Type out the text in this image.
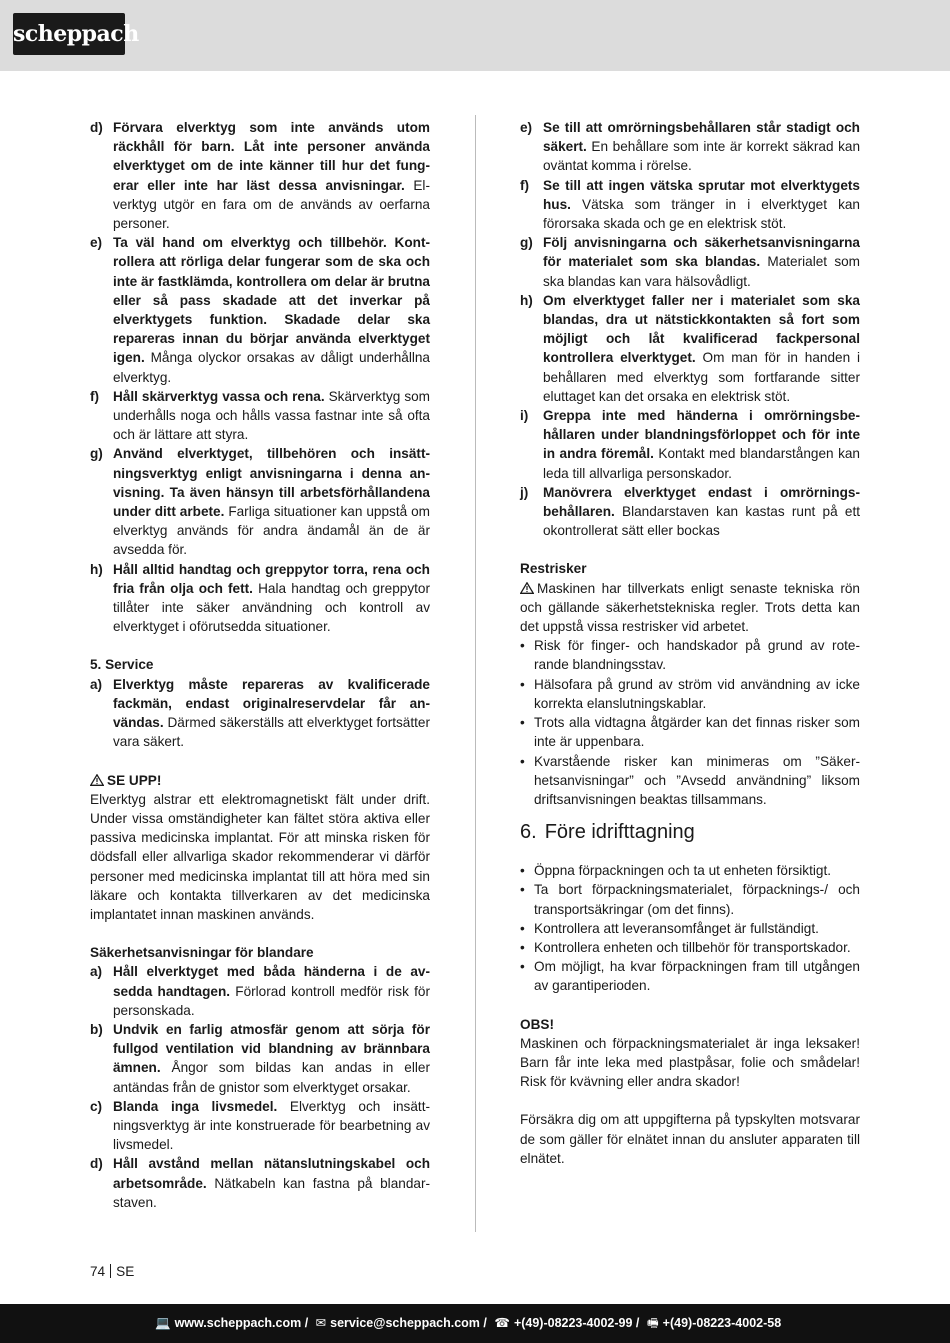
scheppach
d) Förvara elverktyg som inte används utom räckhåll för barn. Låt inte personer använda elverktyget om de inte känner till hur det fungerar eller inte har läst dessa anvisningar. Elverktyg utgör en fara om de används av oerfarna personer.
e) Ta väl hand om elverktyg och tillbehör. Kontrollera att rörliga delar fungerar som de ska och inte är fastklämda, kontrollera om delar är brutna eller så pass skadade att det inverkar på elverktygets funktion. Skadade delar ska repareras innan du börjar använda elverktyget igen. Många olyckor orsakas av dåligt underhållna elverktyg.
f) Håll skärverktyg vassa och rena. Skärverktyg som underhålls noga och hålls vassa fastnar inte så ofta och är lättare att styra.
g) Använd elverktyget, tillbehören och insättningsverktyg enligt anvisningarna i denna anvisning. Ta även hänsyn till arbetsförhållandena under ditt arbete. Farliga situationer kan uppstå om elverktyg används för andra ändamål än de är avsedda för.
h) Håll alltid handtag och greppytor torra, rena och fria från olja och fett. Hala handtag och greppytor tillåter inte säker användning och kontroll av elverktyget i oförutsedda situationer.
5. Service
a) Elverktyg måste repareras av kvalificerade fackmän, endast originalreservdelar får användas. Därmed säkerställs att elverktyget fortsätter vara säkert.
SE UPP!
Elverktyg alstrar ett elektromagnetiskt fält under drift. Under vissa omständigheter kan fältet störa aktiva eller passiva medicinska implantat. För att minska risken för dödsfall eller allvarliga skador rekommenderar vi därför personer med medicinska implantat till att höra med sin läkare och kontakta tillverkaren av det medicinska implantatet innan maskinen används.
Säkerhetsanvisningar för blandare
a) Håll elverktyget med båda händerna i de avsedda handtagen. Förlorad kontroll medför risk för personskada.
b) Undvik en farlig atmosfär genom att sörja för fullgod ventilation vid blandning av brännbara ämnen. Ångor som bildas kan andas in eller antändas från de gnistor som elverktyget orsakar.
c) Blanda inga livsmedel. Elverktyg och insättningsverktyg är inte konstruerade för bearbetning av livsmedel.
d) Håll avstånd mellan nätanslutningskabel och arbetsområde. Nätkabeln kan fastna på blandarstaven.
e) Se till att omrörningsbehållaren står stadigt och säkert. En behållare som inte är korrekt säkrad kan oväntat komma i rörelse.
f) Se till att ingen vätska sprutar mot elverktygets hus. Vätska som tränger in i elverktyget kan förorsaka skada och ge en elektrisk stöt.
g) Följ anvisningarna och säkerhetsanvisningarna för materialet som ska blandas. Materialet som ska blandas kan vara hälsovådligt.
h) Om elverktyget faller ner i materialet som ska blandas, dra ut nätstickkontakten så fort som möjligt och låt kvalificerad fackpersonal kontrollera elverktyget. Om man för in handen i behållaren med elverktyg som fortfarande sitter eluttaget kan det orsaka en elektrisk stöt.
i) Greppa inte med händerna i omrörningsbehållaren under blandningsförloppet och för inte in andra föremål. Kontakt med blandarstången kan leda till allvarliga personskador.
j) Manövrera elverktyget endast i omrörningsbehållaren. Blandarstaven kan kastas runt på ett okontrollerat sätt eller bockas
Restrisker
Maskinen har tillverkats enligt senaste tekniska rön och gällande säkerhetstekniska regler. Trots detta kan det uppstå vissa restrisker vid arbetet.
• Risk för finger- och handskador på grund av roterande blandningsstav.
• Hälsofara på grund av ström vid användning av icke korrekta elanslutningskablar.
• Trots alla vidtagna åtgärder kan det finnas risker som inte är uppenbara.
• Kvarstående risker kan minimeras om ”Säkerhetsanvisningar” och ”Avsedd användning” liksom driftsanvisningen beaktas tillsammans.
6. Före idrifttagning
• Öppna förpackningen och ta ut enheten försiktigt.
• Ta bort förpackningsmaterialet, förpacknings-/ och transportsäkringar (om det finns).
• Kontrollera att leveransomfånget är fullständigt.
• Kontrollera enheten och tillbehör för transportskador.
• Om möjligt, ha kvar förpackningen fram till utgången av garantiperioden.
OBS!
Maskinen och förpackningsmaterialet är inga leksaker! Barn får inte leka med plastpåsar, folie och smådelar! Risk för kvävning eller andra skador!
Försäkra dig om att uppgifterna på typskylten motsvarar de som gäller för elnätet innan du ansluter apparaten till elnätet.
74 SE
💻 www.scheppach.com / ✉ service@scheppach.com / ☎ +(49)-08223-4002-99 / 🖷 +(49)-08223-4002-58
